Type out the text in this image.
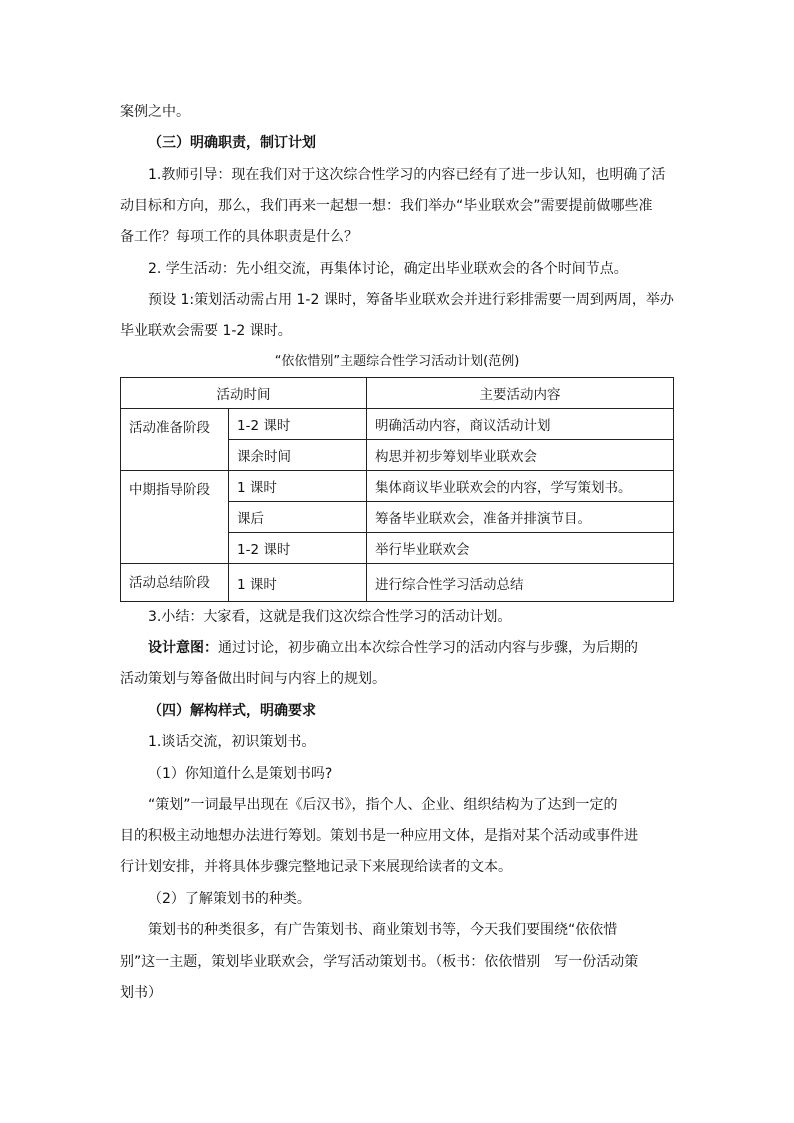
案例之中。
（三）明确职责，制订计划
1.教师引导：现在我们对于这次综合性学习的内容已经有了进一步认知，也明确了活
动目标和方向，那么，我们再来一起想一想：我们举办“毕业联欢会”需要提前做哪些准
备工作？每项工作的具体职责是什么？
2. 学生活动：先小组交流，再集体讨论，确定出毕业联欢会的各个时间节点。
预设 1:策划活动需占用 1-2 课时，筹备毕业联欢会并进行彩排需要一周到两周，举办
毕业联欢会需要 1-2 课时。
“依依惜别”主题综合性学习活动计划(范例)
活动时间		主要活动内容
活动准备阶段	1-2 课时	明确活动内容，商议活动计划
	课余时间	构思并初步筹划毕业联欢会
中期指导阶段	1 课时	集体商议毕业联欢会的内容，学写策划书。
	课后	筹备毕业联欢会，准备并排演节目。
	1-2 课时	举行毕业联欢会
活动总结阶段	1 课时	进行综合性学习活动总结
3.小结：大家看，这就是我们这次综合性学习的活动计划。
设计意图：通过讨论，初步确立出本次综合性学习的活动内容与步骤，为后期的
活动策划与筹备做出时间与内容上的规划。
（四）解构样式，明确要求
1.谈话交流，初识策划书。
（1）你知道什么是策划书吗?
“策划”一词最早出现在《后汉书》，指个人、企业、组织结构为了达到一定的
目的积极主动地想办法进行筹划。策划书是一种应用文体，是指对某个活动或事件进
行计划安排，并将具体步骤完整地记录下来展现给读者的文本。
（2）了解策划书的种类。
策划书的种类很多，有广告策划书、商业策划书等，今天我们要围绕“依依惜
别”这一主题，策划毕业联欢会，学写活动策划书。（板书：依依惜别　写一份活动策
划书）
